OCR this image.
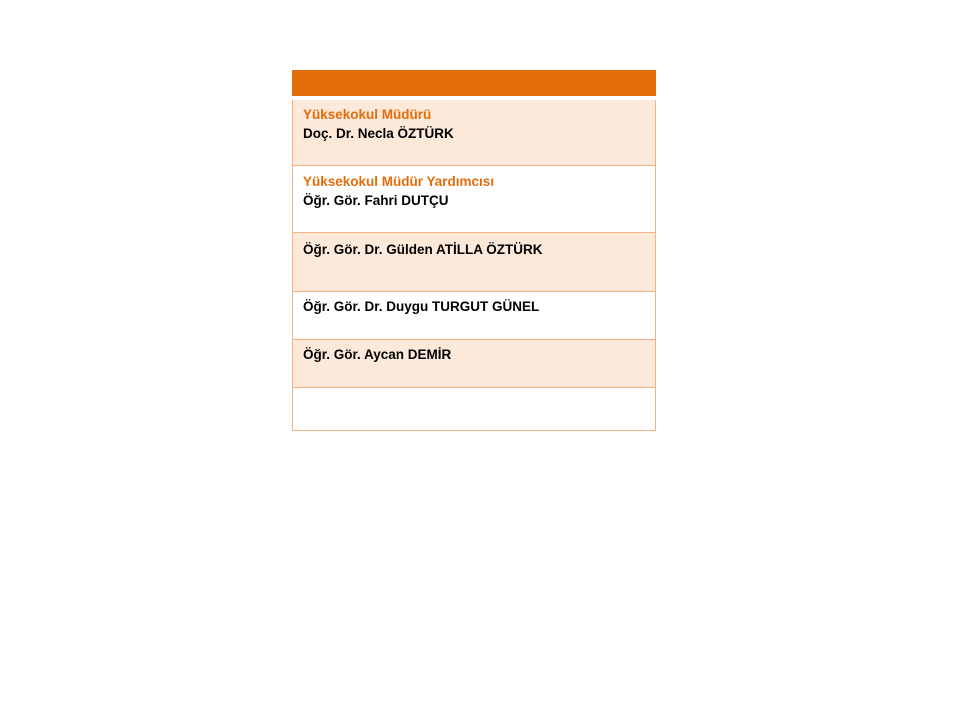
Yüksekokul Müdürü
Doç. Dr. Necla ÖZTÜRK
Yüksekokul Müdür Yardımcısı
Öğr. Gör. Fahri DUTÇU
Öğr. Gör. Dr. Gülden ATİLLA ÖZTÜRK
Öğr. Gör. Dr. Duygu TURGUT GÜNEL
Öğr. Gör. Aycan DEMİR
